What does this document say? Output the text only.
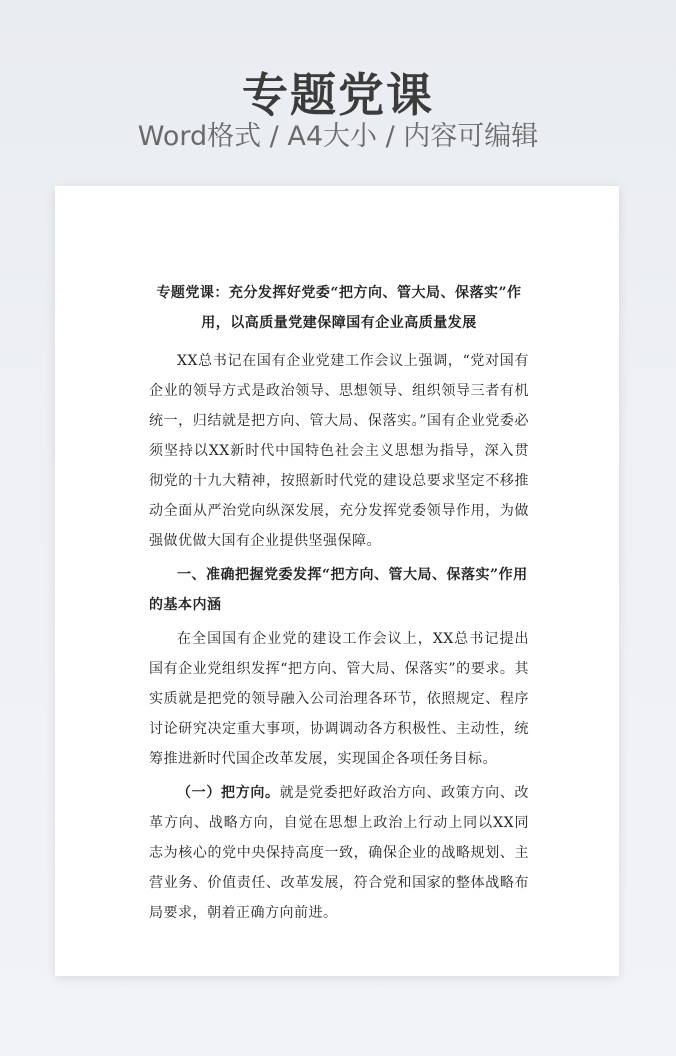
专题党课
Word格式 / A4大小 / 内容可编辑

专题党课：充分发挥好党委“把方向、管大局、保落实”作用，以高质量党建保障国有企业高质量发展

XX总书记在国有企业党建工作会议上强调，“党对国有企业的领导方式是政治领导、思想领导、组织领导三者有机统一，归结就是把方向、管大局、保落实。”国有企业党委必须坚持以XX新时代中国特色社会主义思想为指导，深入贯彻党的十九大精神，按照新时代党的建设总要求坚定不移推动全面从严治党向纵深发展，充分发挥党委领导作用，为做强做优做大国有企业提供坚强保障。

一、准确把握党委发挥“把方向、管大局、保落实”作用的基本内涵

在全国国有企业党的建设工作会议上，XX总书记提出国有企业党组织发挥“把方向、管大局、保落实”的要求。其实质就是把党的领导融入公司治理各环节，依照规定、程序讨论研究决定重大事项，协调调动各方积极性、主动性，统筹推进新时代国企改革发展，实现国企各项任务目标。

（一）把方向。就是党委把好政治方向、政策方向、改革方向、战略方向，自觉在思想上政治上行动上同以XX同志为核心的党中央保持高度一致，确保企业的战略规划、主营业务、价值责任、改革发展，符合党和国家的整体战略布局要求，朝着正确方向前进。
